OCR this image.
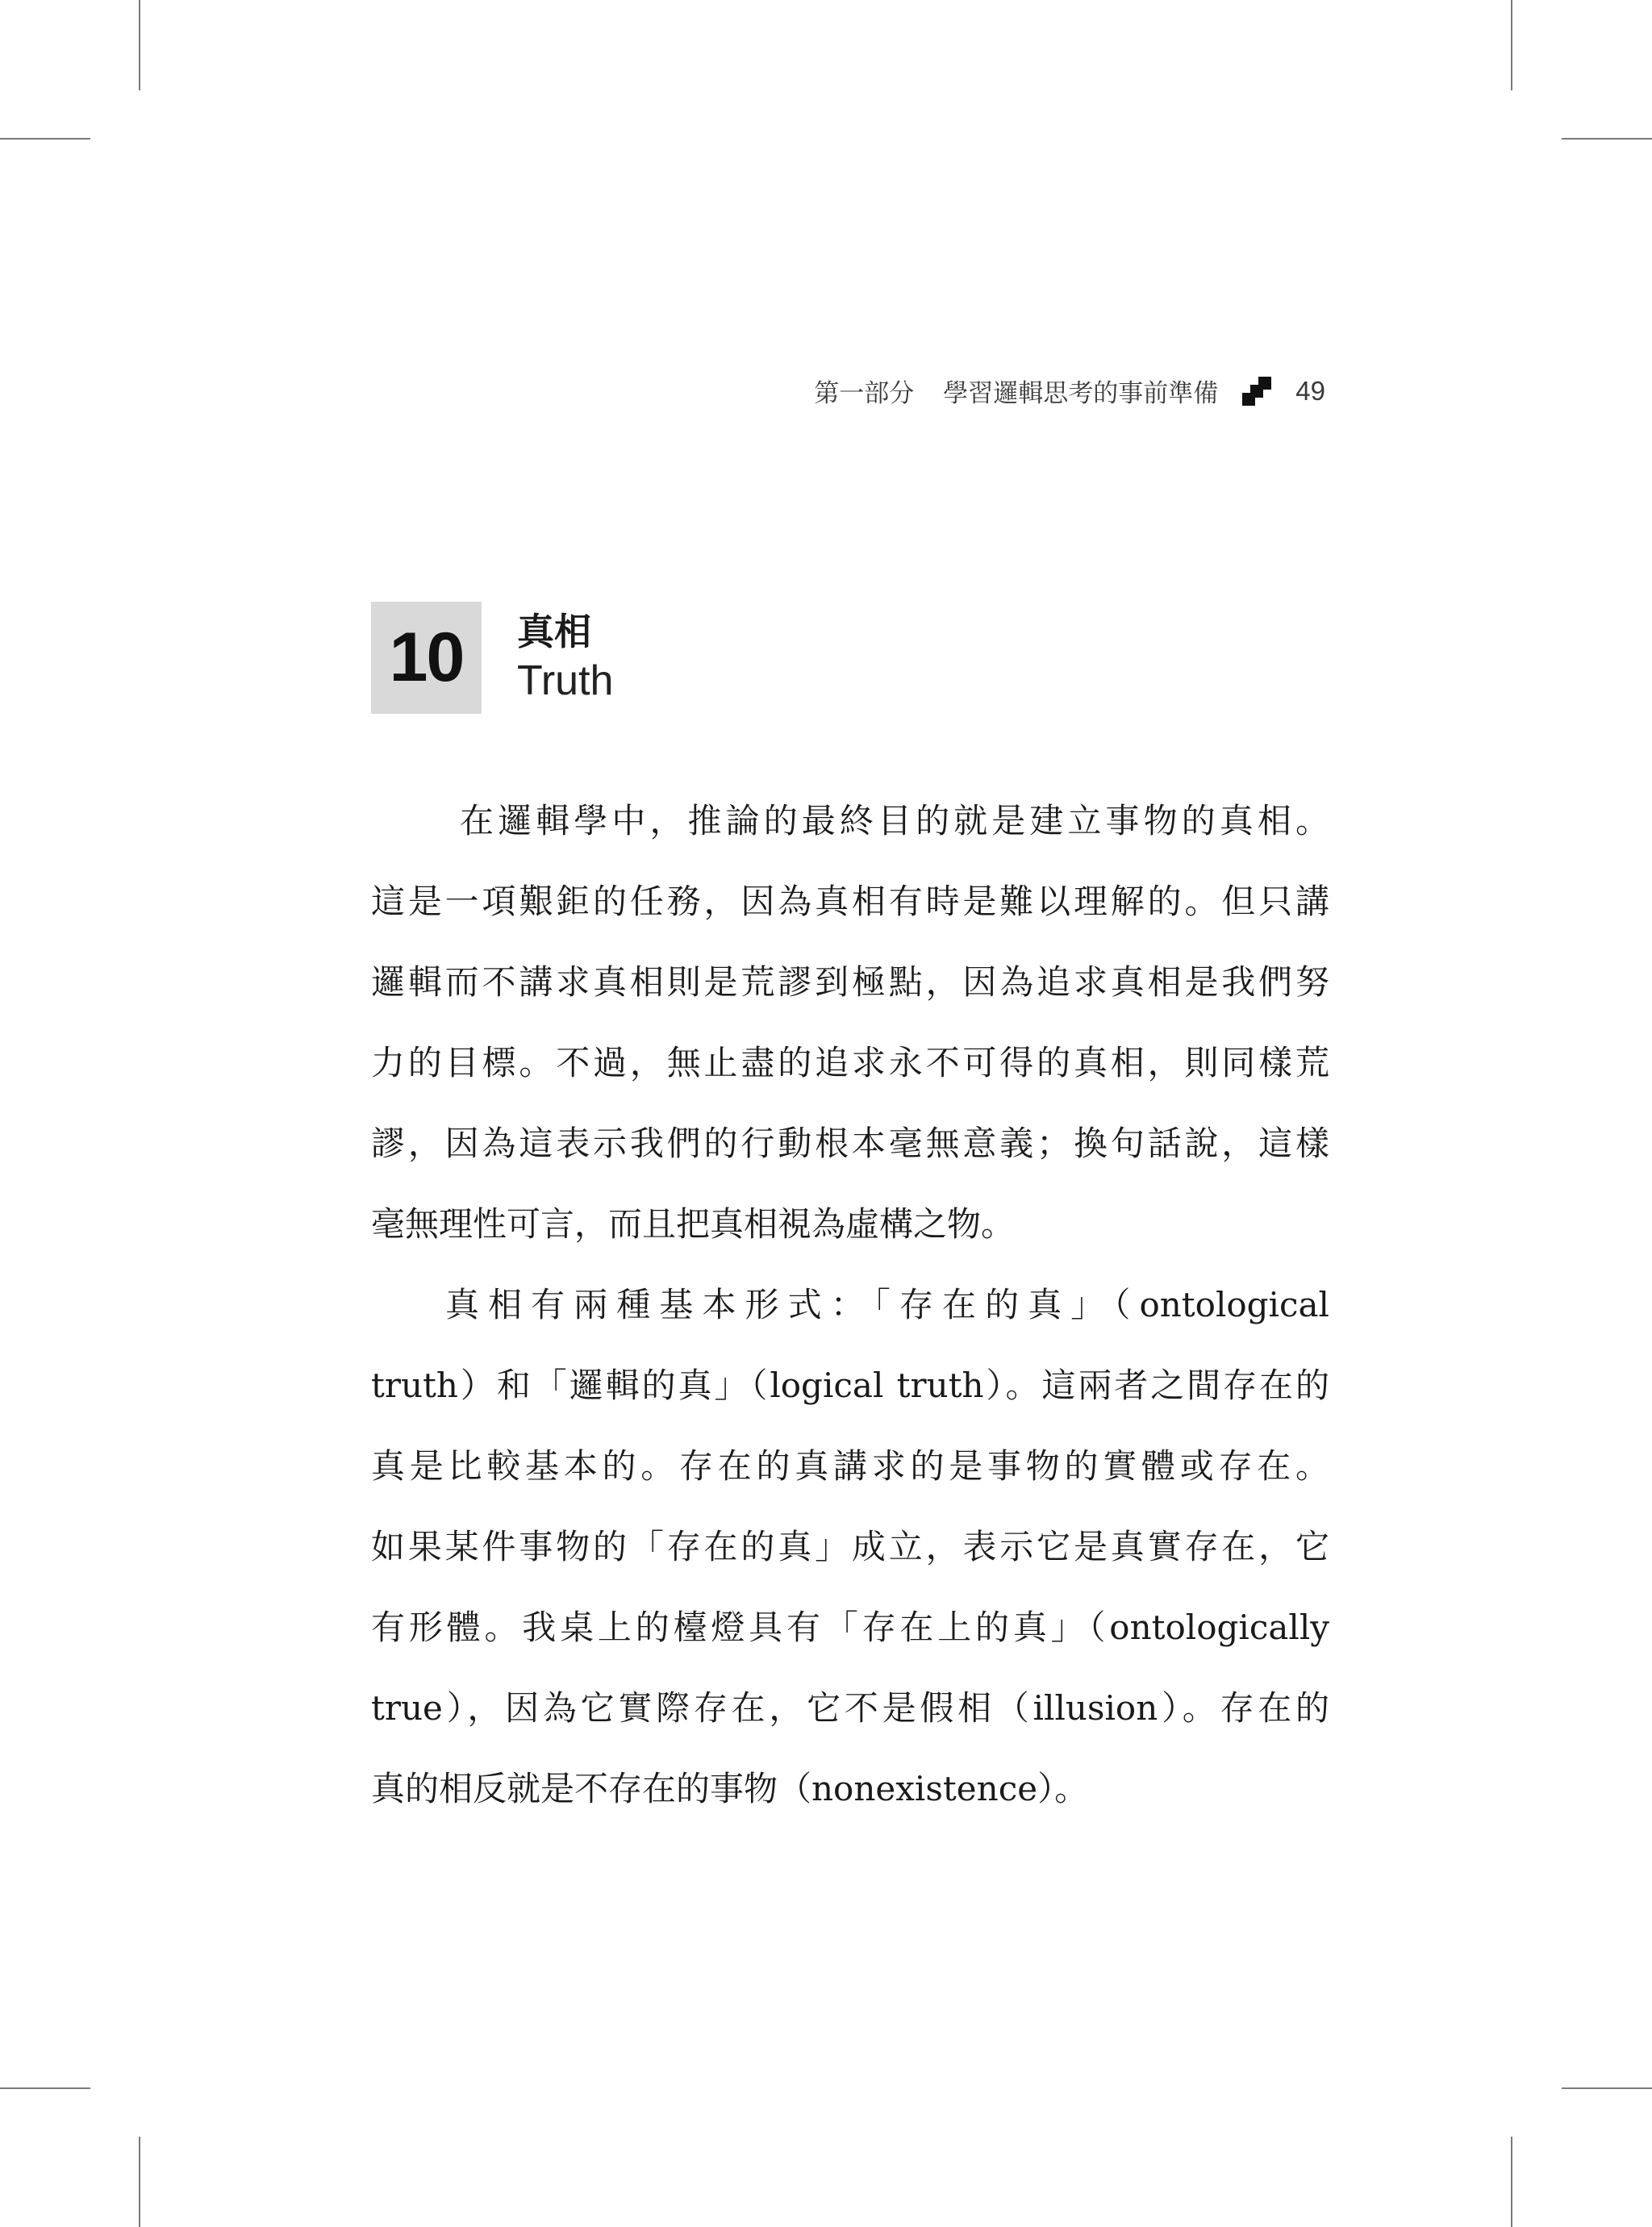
第一部分 學習邏輯思考的事前準備	49
10	真相
Truth
在邏輯學中，推論的最終目的就是建立事物的真相。
這是一項艱鉅的任務，因為真相有時是難以理解的。但只講
邏輯而不講求真相則是荒謬到極點，因為追求真相是我們努
力的目標。不過，無止盡的追求永不可得的真相，則同樣荒
謬，因為這表示我們的行動根本毫無意義；換句話說，這樣
毫無理性可言，而且把真相視為虛構之物。
真相有兩種基本形式：「存在的真」（ontological
truth）和「邏輯的真」（logical truth）。這兩者之間存在的
真是比較基本的。存在的真講求的是事物的實體或存在。
如果某件事物的「存在的真」成立，表示它是真實存在，它
有形體。我桌上的檯燈具有「存在上的真」（ontologically
true），因為它實際存在，它不是假相（illusion）。存在的
真的相反就是不存在的事物（nonexistence）。
